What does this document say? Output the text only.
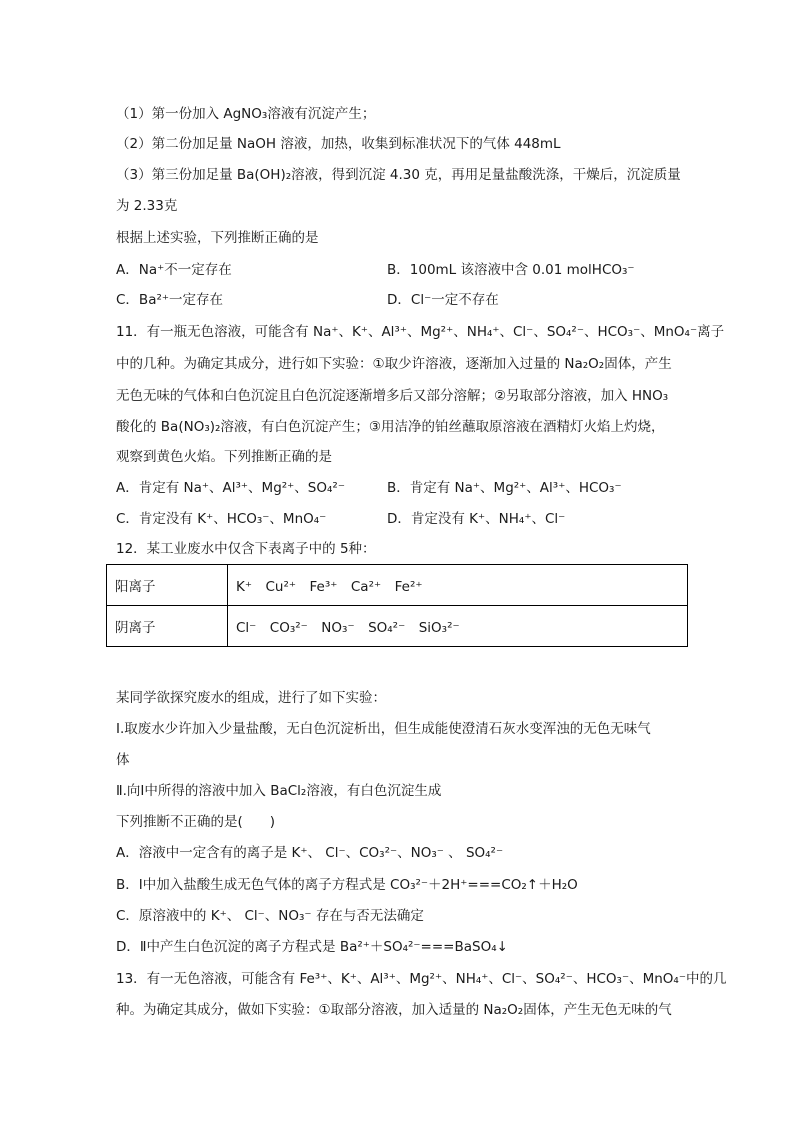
（1）第一份加入 AgNO₃溶液有沉淀产生；
（2）第二份加足量 NaOH 溶液，加热，收集到标准状况下的气体 448mL
（3）第三份加足量 Ba(OH)₂溶液，得到沉淀 4.30 克，再用足量盐酸洗涤，干燥后，沉淀质量
为 2.33克
根据上述实验，下列推断正确的是
A．Na⁺不一定存在	B．100mL 该溶液中含 0.01 molHCO₃⁻
C．Ba²⁺一定存在	D．Cl⁻一定不存在
11．有一瓶无色溶液，可能含有 Na⁺、K⁺、Al³⁺、Mg²⁺、NH₄⁺、Cl⁻、SO₄²⁻、HCO₃⁻、MnO₄⁻离子
中的几种。为确定其成分，进行如下实验：①取少许溶液，逐渐加入过量的 Na₂O₂固体，产生
无色无味的气体和白色沉淀且白色沉淀逐渐增多后又部分溶解；②另取部分溶液，加入 HNO₃
酸化的 Ba(NO₃)₂溶液，有白色沉淀产生；③用洁净的铂丝蘸取原溶液在酒精灯火焰上灼烧，
观察到黄色火焰。下列推断正确的是
A．肯定有 Na⁺、Al³⁺、Mg²⁺、SO₄²⁻	B．肯定有 Na⁺、Mg²⁺、Al³⁺、HCO₃⁻
C．肯定没有 K⁺、HCO₃⁻、MnO₄⁻	D．肯定没有 K⁺、NH₄⁺、Cl⁻
12．某工业废水中仅含下表离子中的 5种：
阳离子	K⁺　Cu²⁺　Fe³⁺　Ca²⁺　Fe²⁺
阴离子	Cl⁻　CO₃²⁻　NO₃⁻　SO₄²⁻　SiO₃²⁻
某同学欲探究废水的组成，进行了如下实验：
Ⅰ.取废水少许加入少量盐酸，无白色沉淀析出，但生成能使澄清石灰水变浑浊的无色无味气
体
Ⅱ.向Ⅰ中所得的溶液中加入 BaCl₂溶液，有白色沉淀生成
下列推断不正确的是(　　)
A．溶液中一定含有的离子是 K⁺、 Cl⁻、CO₃²⁻、NO₃⁻ 、 SO₄²⁻
B．Ⅰ中加入盐酸生成无色气体的离子方程式是 CO₃²⁻＋2H⁺===CO₂↑＋H₂O
C．原溶液中的 K⁺、 Cl⁻、NO₃⁻ 存在与否无法确定
D．Ⅱ中产生白色沉淀的离子方程式是 Ba²⁺＋SO₄²⁻===BaSO₄↓
13．有一无色溶液，可能含有 Fe³⁺、K⁺、Al³⁺、Mg²⁺、NH₄⁺、Cl⁻、SO₄²⁻、HCO₃⁻、MnO₄⁻中的几
种。为确定其成分，做如下实验：①取部分溶液，加入适量的 Na₂O₂固体，产生无色无味的气
